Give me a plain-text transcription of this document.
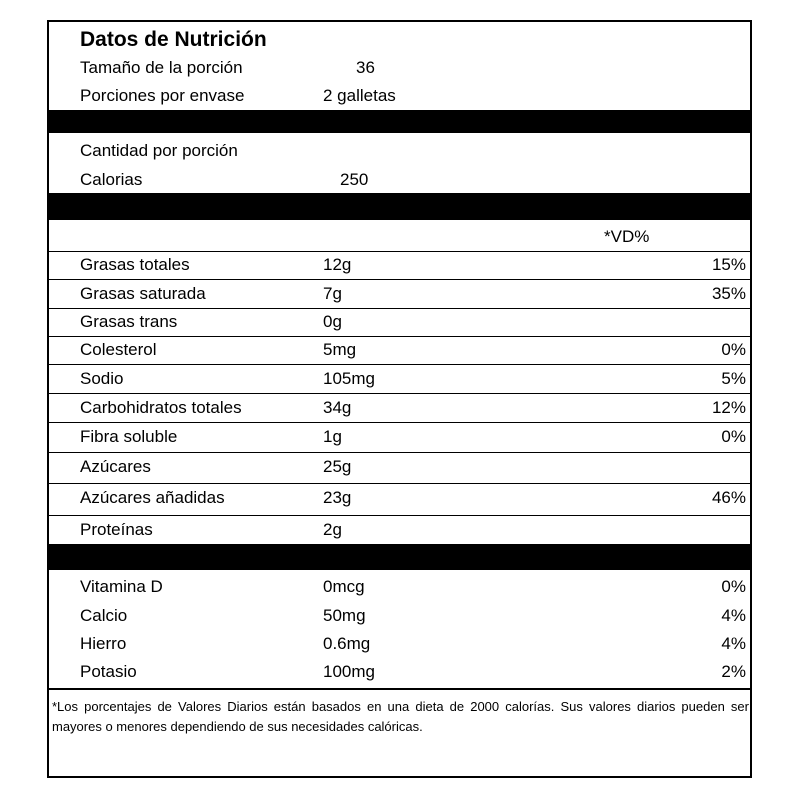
Datos de Nutrición
Tamaño de la porción	36
Porciones por envase	2 galletas
Cantidad por porción
Calorias	250
*VD%
Grasas totales	12g	15%
Grasas saturada	7g	35%
Grasas trans	0g
Colesterol	5mg	0%
Sodio	105mg	5%
Carbohidratos totales	34g	12%
Fibra soluble	1g	0%
Azúcares	25g
Azúcares añadidas	23g	46%
Proteínas	2g
Vitamina D	0mcg	0%
Calcio	50mg	4%
Hierro	0.6mg	4%
Potasio	100mg	2%
*Los porcentajes de Valores Diarios están basados en una dieta de 2000 calorías. Sus valores diarios pueden ser mayores o menores dependiendo de sus necesidades calóricas.
